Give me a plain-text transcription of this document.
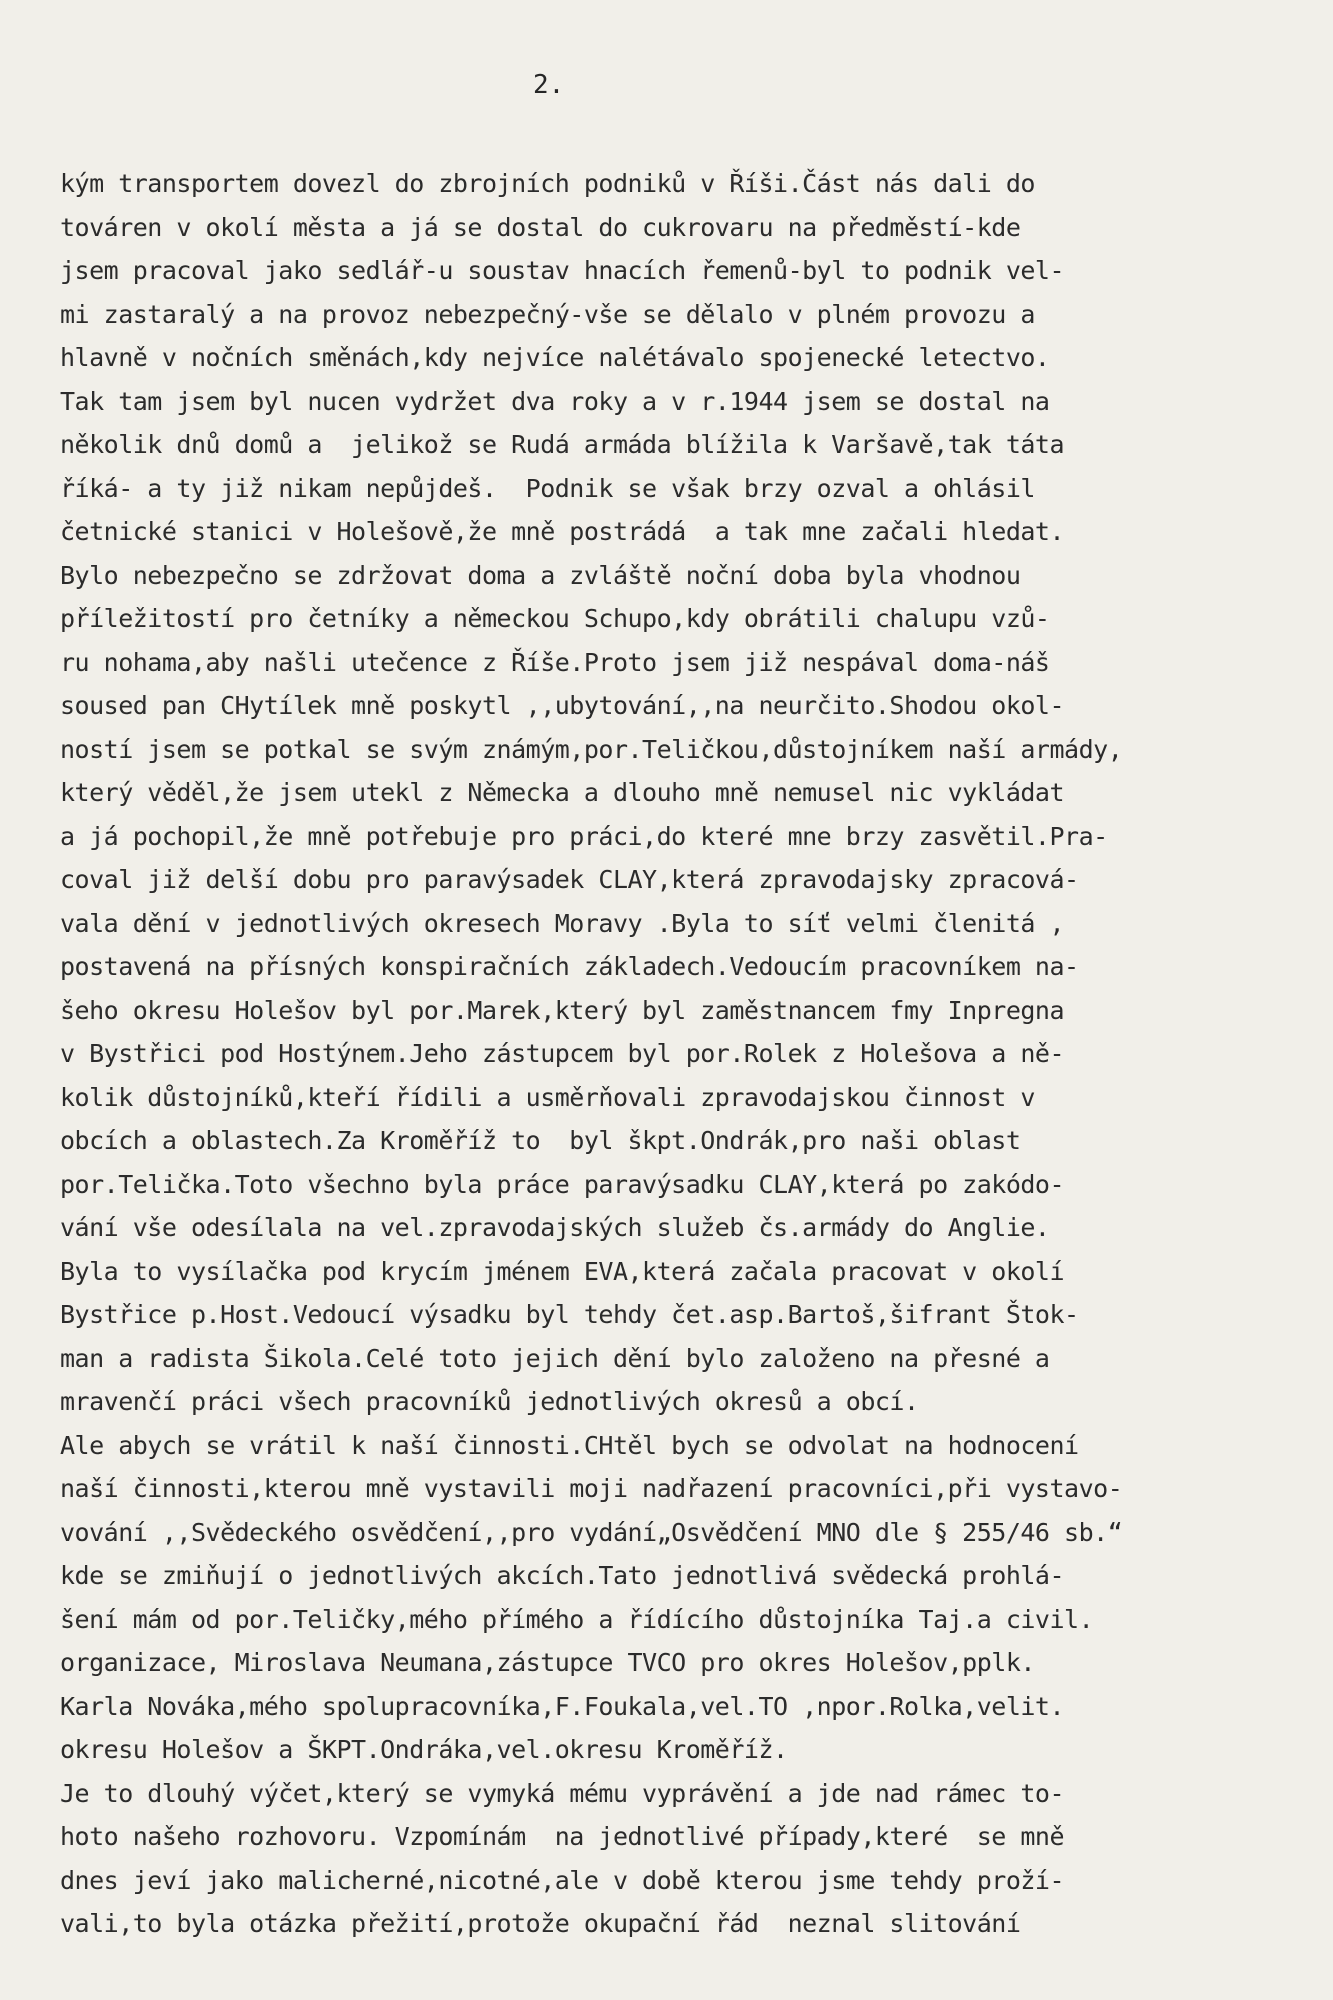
2.
kým transportem dovezl do zbrojních podniků v Říši.Část nás dali do
továren v okolí města a já se dostal do cukrovaru na předměstí-kde
jsem pracoval jako sedlář-u soustav hnacích řemenů-byl to podnik vel-
mi zastaralý a na provoz nebezpečný-vše se dělalo v plném provozu a
hlavně v nočních směnách,kdy nejvíce nalétávalo spojenecké letectvo.
Tak tam jsem byl nucen vydržet dva roky a v r.1944 jsem se dostal na
několik dnů domů a  jelikož se Rudá armáda blížila k Varšavě,tak táta
říká- a ty již nikam nepůjdeš.  Podnik se však brzy ozval a ohlásil
četnické stanici v Holešově,že mně postrádá  a tak mne začali hledat.
Bylo nebezpečno se zdržovat doma a zvláště noční doba byla vhodnou
příležitostí pro četníky a německou Schupo,kdy obrátili chalupu vzů-
ru nohama,aby našli utečence z Říše.Proto jsem již nespával doma-náš
soused pan CHytílek mně poskytl ,,ubytování,,na neurčito.Shodou okol-
ností jsem se potkal se svým známým,por.Teličkou,důstojníkem naší armády,
který věděl,že jsem utekl z Německa a dlouho mně nemusel nic vykládat
a já pochopil,že mně potřebuje pro práci,do které mne brzy zasvětil.Pra-
coval již delší dobu pro paravýsadek CLAY,která zpravodajsky zpracová-
vala dění v jednotlivých okresech Moravy .Byla to síť velmi členitá ,
postavená na přísných konspiračních základech.Vedoucím pracovníkem na-
šeho okresu Holešov byl por.Marek,který byl zaměstnancem fmy Inpregna
v Bystřici pod Hostýnem.Jeho zástupcem byl por.Rolek z Holešova a ně-
kolik důstojníků,kteří řídili a usměrňovali zpravodajskou činnost v
obcích a oblastech.Za Kroměříž to  byl škpt.Ondrák,pro naši oblast
por.Telička.Toto všechno byla práce paravýsadku CLAY,která po zakódo-
vání vše odesílala na vel.zpravodajských služeb čs.armády do Anglie.
Byla to vysílačka pod krycím jménem EVA,která začala pracovat v okolí
Bystřice p.Host.Vedoucí výsadku byl tehdy čet.asp.Bartoš,šifrant Štok-
man a radista Šikola.Celé toto jejich dění bylo založeno na přesné a
mravenčí práci všech pracovníků jednotlivých okresů a obcí.
Ale abych se vrátil k naší činnosti.CHtěl bych se odvolat na hodnocení
naší činnosti,kterou mně vystavili moji nadřazení pracovníci,při vystavo-
vování ,,Svědeckého osvědčení,,pro vydání„Osvědčení MNO dle § 255/46 sb.“
kde se zmiňují o jednotlivých akcích.Tato jednotlivá svědecká prohlá-
šení mám od por.Teličky,mého přímého a řídícího důstojníka Taj.a civil.
organizace, Miroslava Neumana,zástupce TVCO pro okres Holešov,pplk.
Karla Nováka,mého spolupracovníka,F.Foukala,vel.TO ,npor.Rolka,velit.
okresu Holešov a ŠKPT.Ondráka,vel.okresu Kroměříž.
Je to dlouhý výčet,který se vymyká mému vyprávění a jde nad rámec to-
hoto našeho rozhovoru. Vzpomínám  na jednotlivé případy,které  se mně
dnes jeví jako malicherné,nicotné,ale v době kterou jsme tehdy proží-
vali,to byla otázka přežití,protože okupační řád  neznal slitování
